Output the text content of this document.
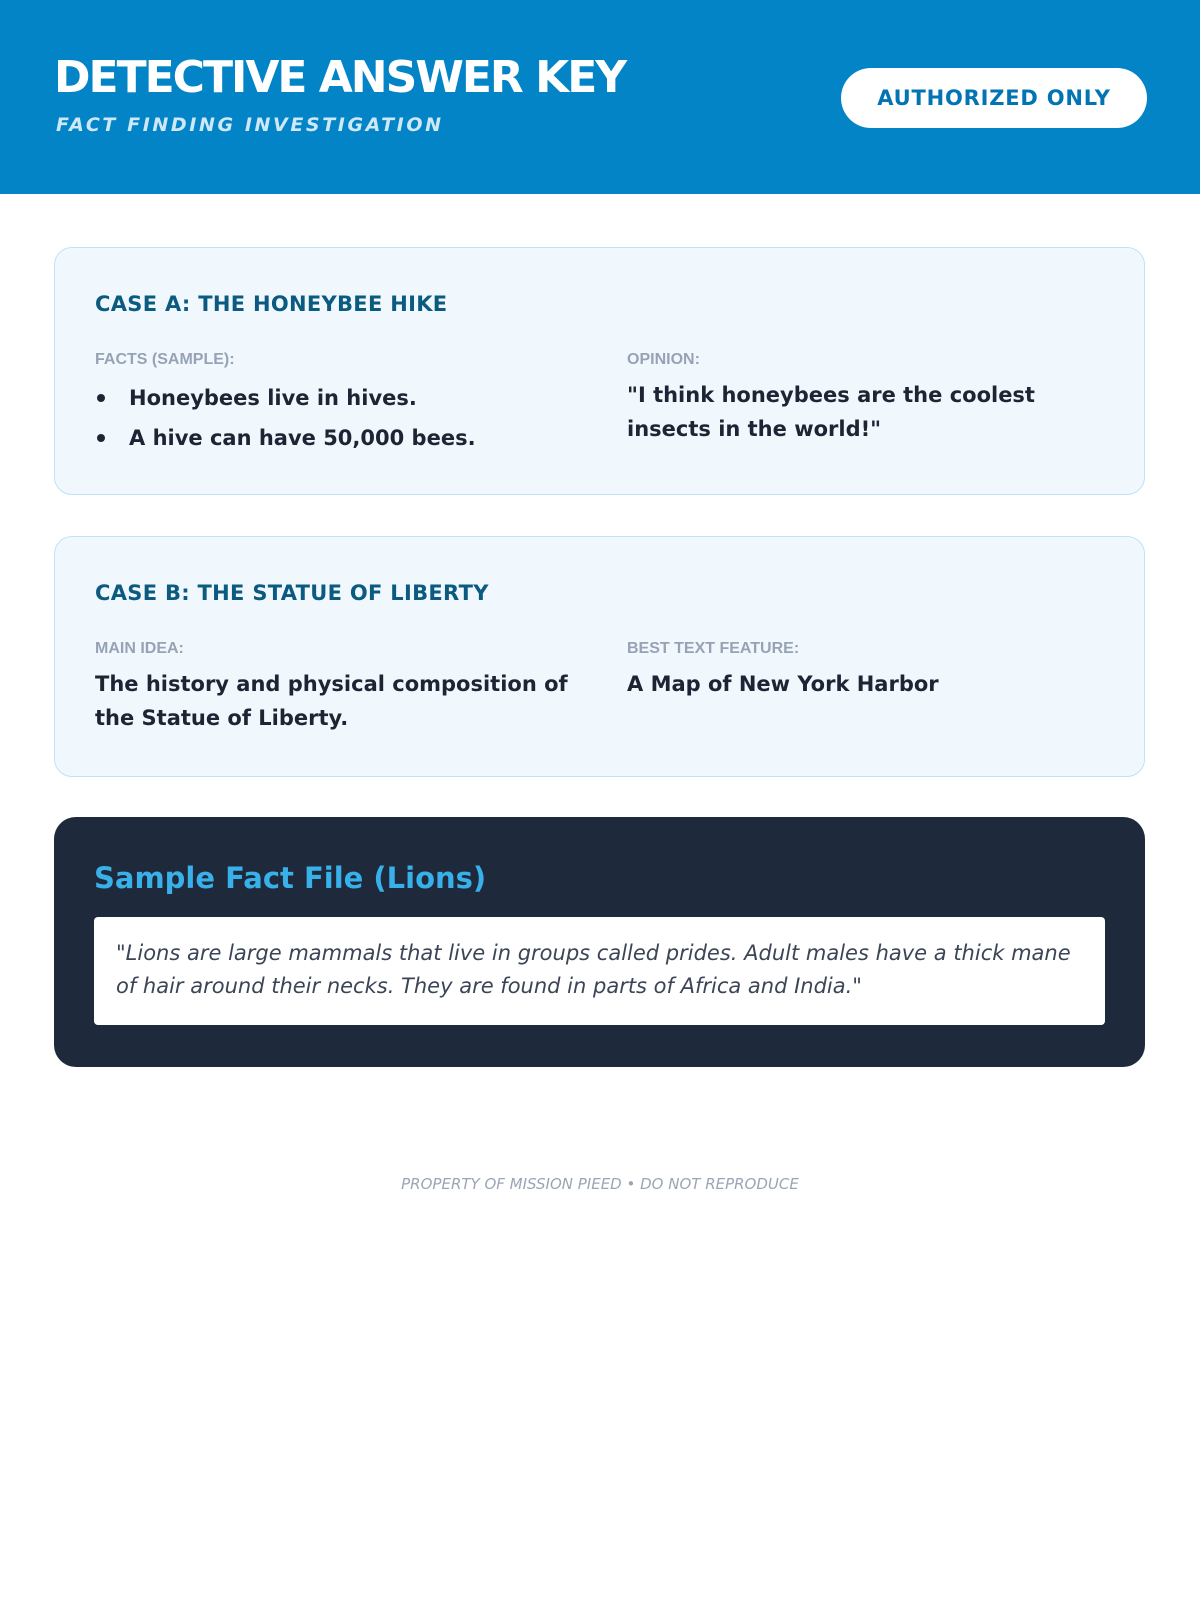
DETECTIVE ANSWER KEY

FACT FINDING INVESTIGATION

AUTHORIZED ONLY
CASE A: THE HONEYBEE HIKE

FACTS (SAMPLE):

Honeybees live in hives.
A hive can have 50,000 bees.

OPINION:

"I think honeybees are the coolest insects in the world!"

CASE B: THE STATUE OF LIBERTY

MAIN IDEA:

The history and physical composition of the Statue of Liberty.

BEST TEXT FEATURE:

A Map of New York Harbor

Sample Fact File (Lions)

"Lions are large mammals that live in groups called prides. Adult males have a thick mane of hair around their necks. They are found in parts of Africa and India."

PROPERTY OF MISSION PIEED • DO NOT REPRODUCE
